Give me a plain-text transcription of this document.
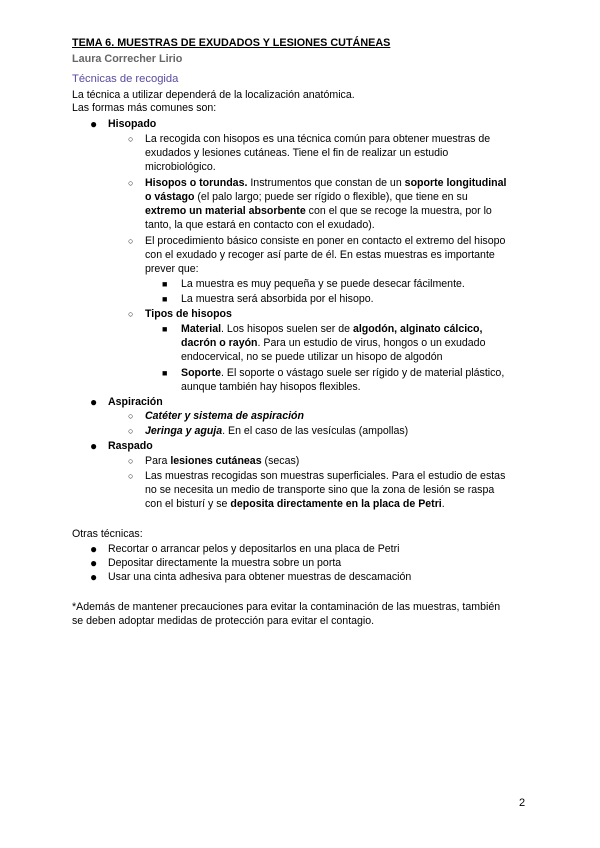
TEMA 6. MUESTRAS DE EXUDADOS Y LESIONES CUTÁNEAS
Laura Correcher Lirio
Técnicas de recogida
La técnica a utilizar dependerá de la localización anatómica.
Las formas más comunes son:
● Hisopado
○ La recogida con hisopos es una técnica común para obtener muestras de
exudados y lesiones cutáneas. Tiene el fin de realizar un estudio
microbiológico.
○ Hisopos o torundas. Instrumentos que constan de un soporte longitudinal
o vástago (el palo largo; puede ser rígido o flexible), que tiene en su
extremo un material absorbente con el que se recoge la muestra, por lo
tanto, la que estará en contacto con el exudado).
○ El procedimiento básico consiste en poner en contacto el extremo del hisopo
con el exudado y recoger así parte de él. En estas muestras es importante
prever que:
■ La muestra es muy pequeña y se puede desecar fácilmente.
■ La muestra será absorbida por el hisopo.
○ Tipos de hisopos
■ Material. Los hisopos suelen ser de algodón, alginato cálcico,
dacrón o rayón. Para un estudio de virus, hongos o un exudado
endocervical, no se puede utilizar un hisopo de algodón
■ Soporte. El soporte o vástago suele ser rígido y de material plástico,
aunque también hay hisopos flexibles.
● Aspiración
○ Catéter y sistema de aspiración
○ Jeringa y aguja. En el caso de las vesículas (ampollas)
● Raspado
○ Para lesiones cutáneas (secas)
○ Las muestras recogidas son muestras superficiales. Para el estudio de estas
no se necesita un medio de transporte sino que la zona de lesión se raspa
con el bisturí y se deposita directamente en la placa de Petri.
Otras técnicas:
● Recortar o arrancar pelos y depositarlos en una placa de Petri
● Depositar directamente la muestra sobre un porta
● Usar una cinta adhesiva para obtener muestras de descamación
*Además de mantener precauciones para evitar la contaminación de las muestras, también
se deben adoptar medidas de protección para evitar el contagio.
2
